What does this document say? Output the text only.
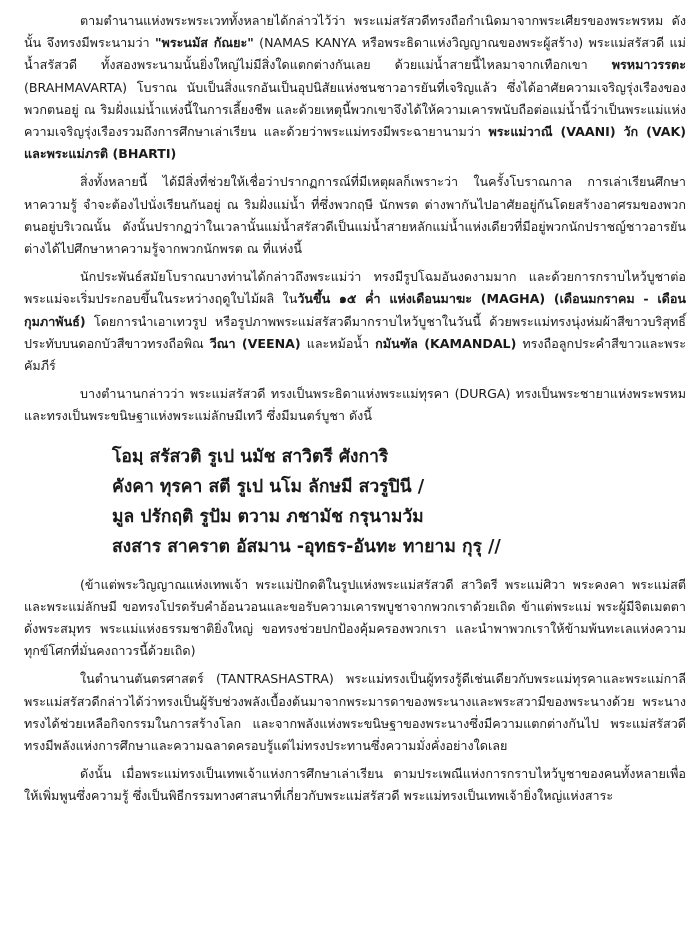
ตามตำนานแห่งพระพระเวททั้งหลายได้กล่าวไว้ว่า พระแม่สรัสวดีทรงถือกำเนิดมาจากพระเศียรของพระพรหม ดังนั้น จึงทรงมีพระนามว่า "พระนมัส กัณยะ" (NAMAS KANYA หรือพระธิดาแห่งวิญญาณของพระผู้สร้าง) พระแม่สรัสวดี แม่น้ำสรัสวดี ทั้งสองพระนามนั้นยิ่งใหญ่ไม่มีสิ่งใดแตกต่างกันเลย ด้วยแม่น้ำสายนี้ไหลมาจากเทือกเขา พรหมาวรรตะ (BRAHMAVARTA) โบราณ นับเป็นสิ่งแรกอันเป็นอุปนิสัยแห่งชนชาวอารยันที่เจริญแล้ว ซึ่งได้อาศัยความเจริญรุ่งเรืองของพวกตนอยู่ ณ ริมฝั่งแม่น้ำแห่งนี้ในการเลี้ยงชีพ และด้วยเหตุนี้พวกเขาจึงได้ให้ความเคารพนับถือต่อแม่น้ำนี้ว่าเป็นพระแม่แห่งความเจริญรุ่งเรืองรวมถึงการศึกษาเล่าเรียน และด้วยว่าพระแม่ทรงมีพระฉายานามว่า พระแม่วาณี (VAANI) วัก (VAK) และพระแม่ภรติ (BHARTI)

สิ่งทั้งหลายนี้ ได้มีสิ่งที่ช่วยให้เชื่อว่าปรากฏการณ์ที่มีเหตุผลก็เพราะว่า ในครั้งโบราณกาล การเล่าเรียนศึกษาหาความรู้ จำจะต้องไปนั่งเรียนกันอยู่ ณ ริมฝั่งแม่น้ำ ที่ซึ่งพวกฤษี นักพรต ต่างพากันไปอาศัยอยู่กันโดยสร้างอาศรมของพวกตนอยู่บริเวณนั้น ดังนั้นปรากฏว่าในเวลานั้นแม่น้ำสรัสวดีเป็นแม่น้ำสายหลักแม่น้ำแห่งเดียวที่มีอยู่พวกนักปราชญ์ชาวอารยันต่างได้ไปศึกษาหาความรู้จากพวกนักพรต ณ ที่แห่งนี้

นักประพันธ์สมัยโบราณบางท่านได้กล่าวถึงพระแม่ว่า ทรงมีรูปโฉมอันงดงามมาก และด้วยการกราบไหว้บูชาต่อพระแม่จะเริ่มประกอบขึ้นในระหว่างฤดูใบไม้ผลิ ในวันขึ้น ๑๕ ค่ำ แห่งเดือนมาฆะ (MAGHA) (เดือนมกราคม - เดือนกุมภาพันธ์) โดยการนำเอาเทวรูป หรือรูปภาพพระแม่สรัสวดีมากราบไหว้บูชาในวันนี้ ด้วยพระแม่ทรงนุ่งห่มผ้าสีขาวบริสุทธิ์ประทับบนดอกบัวสีขาวทรงถือพิณ วีณา (VEENA) และหม้อน้ำ กมันฑัล (KAMANDAL) ทรงถือลูกประคำสีขาวและพระคัมภีร์

บางตำนานกล่าวว่า พระแม่สรัสวดี ทรงเป็นพระธิดาแห่งพระแม่ทุรคา (DURGA) ทรงเป็นพระชายาแห่งพระพรหม และทรงเป็นพระขนิษฐาแห่งพระแม่ลักษมีเทวี ซึ่งมีมนตร์บูชา ดังนี้

โอมฺ สรัสวติ รูเป นมัช สาวิตรี ศังการิ
คังคา ทุรคา สตี รูเป นโม ลักษมี สวรูปินี /
มูล ปรักฤติ รูปัม ตวาม ภชามัช กรุนามวัม
สงสาร สาคราต อัสมาน -อุทธร-อันทะ ทายาม กุรุ //

(ข้าแต่พระวิญญาณแห่งเทพเจ้า พระแม่ปักดติในรูปแห่งพระแม่สรัสวดี สาวิตรี พระแม่ศิวา พระคงคา พระแม่สตี และพระแม่ลักษมี ขอทรงโปรดรับคำอ้อนวอนและขอรับความเคารพบูชาจากพวกเราด้วยเถิด ข้าแต่พระแม่ พระผู้มีจิตเมตตาดั่งพระสมุทร พระแม่แห่งธรรมชาติยิ่งใหญ่ ขอทรงช่วยปกป้องคุ้มครองพวกเรา และนำพาพวกเราให้ข้ามพ้นทะเลแห่งความทุกข์โศกที่มั่นคงถาวรนี้ด้วยเถิด)

ในตำนานตันตรศาสตร์ (TANTRASHASTRA) พระแม่ทรงเป็นผู้ทรงรู้ดีเช่นเดียวกับพระแม่ทุรคาและพระแม่กาลี พระแม่สรัสวดีกล่าวได้ว่าทรงเป็นผู้รับช่วงพลังเบื้องต้นมาจากพระมารดาของพระนางและพระสวามีของพระนางด้วย พระนางทรงได้ช่วยเหลือกิจกรรมในการสร้างโลก และจากพลังแห่งพระขนิษฐาของพระนางซึ่งมีความแตกต่างกันไป พระแม่สรัสวดีทรงมีพลังแห่งการศึกษาและความฉลาดครอบรู้แต่ไม่ทรงประทานซึ่งความมั่งคั่งอย่างใดเลย

ดังนั้น เมื่อพระแม่ทรงเป็นเทพเจ้าแห่งการศึกษาเล่าเรียน ตามประเพณีแห่งการกราบไหว้บูชาของคนทั้งหลายเพื่อให้เพิ่มพูนซึ่งความรู้ ซึ่งเป็นพิธีกรรมทางศาสนาที่เกี่ยวกับพระแม่สรัสวดี พระแม่ทรงเป็นเทพเจ้ายิ่งใหญ่แห่งสาระ
